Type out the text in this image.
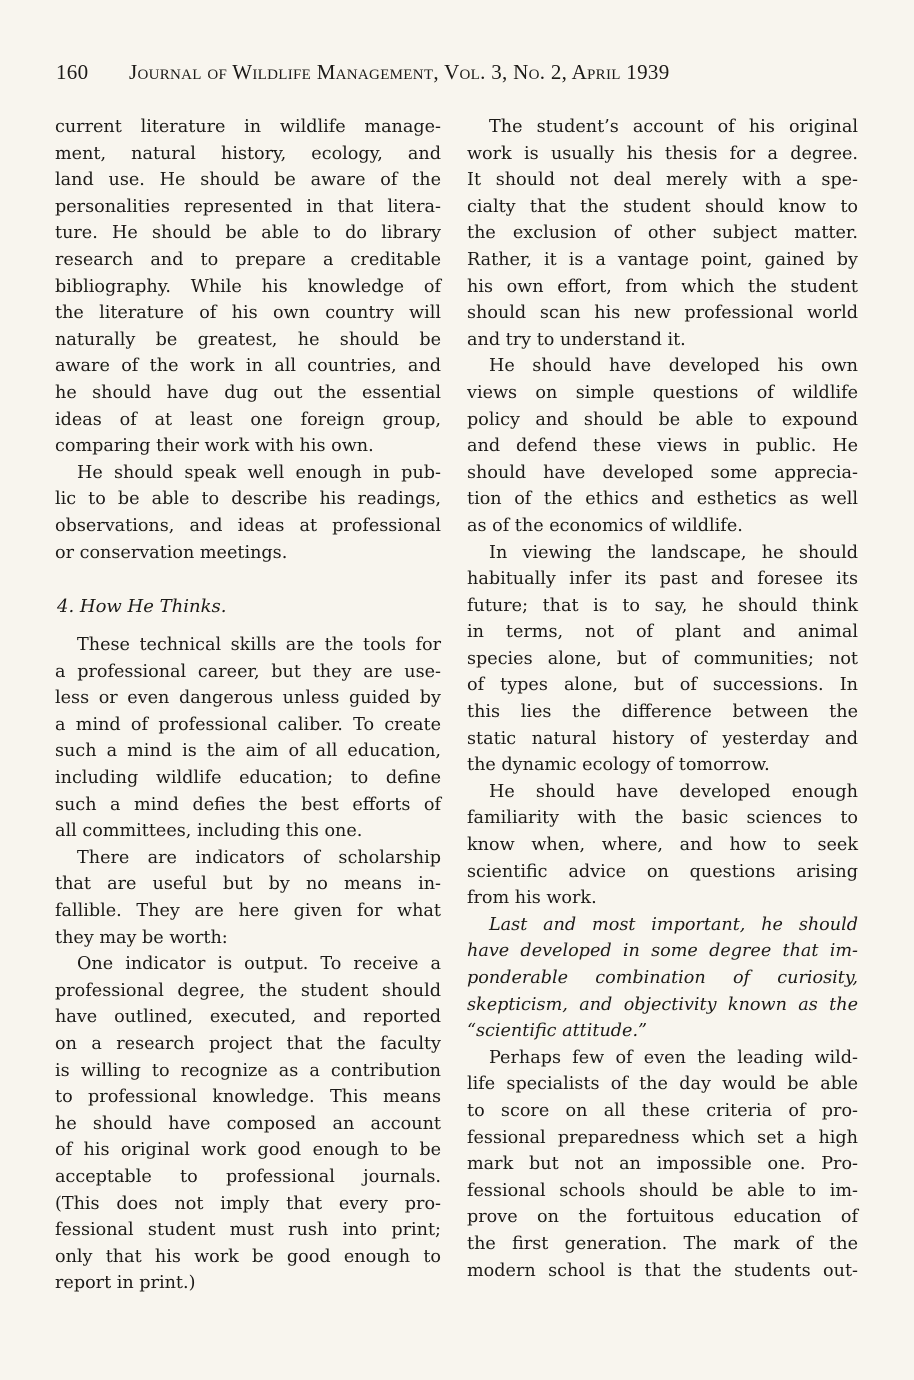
160 Journal of Wildlife Management, Vol. 3, No. 2, April 1939
current literature in wildlife manage-
ment, natural history, ecology, and
land use. He should be aware of the
personalities represented in that litera-
ture. He should be able to do library
research and to prepare a creditable
bibliography. While his knowledge of
the literature of his own country will
naturally be greatest, he should be
aware of the work in all countries, and
he should have dug out the essential
ideas of at least one foreign group,
comparing their work with his own.
He should speak well enough in pub-
lic to be able to describe his readings,
observations, and ideas at professional
or conservation meetings.
4. How He Thinks.
These technical skills are the tools for
a professional career, but they are use-
less or even dangerous unless guided by
a mind of professional caliber. To create
such a mind is the aim of all education,
including wildlife education; to define
such a mind defies the best efforts of
all committees, including this one.
There are indicators of scholarship
that are useful but by no means in-
fallible. They are here given for what
they may be worth:
One indicator is output. To receive a
professional degree, the student should
have outlined, executed, and reported
on a research project that the faculty
is willing to recognize as a contribution
to professional knowledge. This means
he should have composed an account
of his original work good enough to be
acceptable to professional journals.
(This does not imply that every pro-
fessional student must rush into print;
only that his work be good enough to
report in print.)
The student’s account of his original
work is usually his thesis for a degree.
It should not deal merely with a spe-
cialty that the student should know to
the exclusion of other subject matter.
Rather, it is a vantage point, gained by
his own effort, from which the student
should scan his new professional world
and try to understand it.
He should have developed his own
views on simple questions of wildlife
policy and should be able to expound
and defend these views in public. He
should have developed some apprecia-
tion of the ethics and esthetics as well
as of the economics of wildlife.
In viewing the landscape, he should
habitually infer its past and foresee its
future; that is to say, he should think
in terms, not of plant and animal
species alone, but of communities; not
of types alone, but of successions. In
this lies the difference between the
static natural history of yesterday and
the dynamic ecology of tomorrow.
He should have developed enough
familiarity with the basic sciences to
know when, where, and how to seek
scientific advice on questions arising
from his work.
Last and most important, he should
have developed in some degree that im-
ponderable combination of curiosity,
skepticism, and objectivity known as the
“scientific attitude.”
Perhaps few of even the leading wild-
life specialists of the day would be able
to score on all these criteria of pro-
fessional preparedness which set a high
mark but not an impossible one. Pro-
fessional schools should be able to im-
prove on the fortuitous education of
the first generation. The mark of the
modern school is that the students out-
